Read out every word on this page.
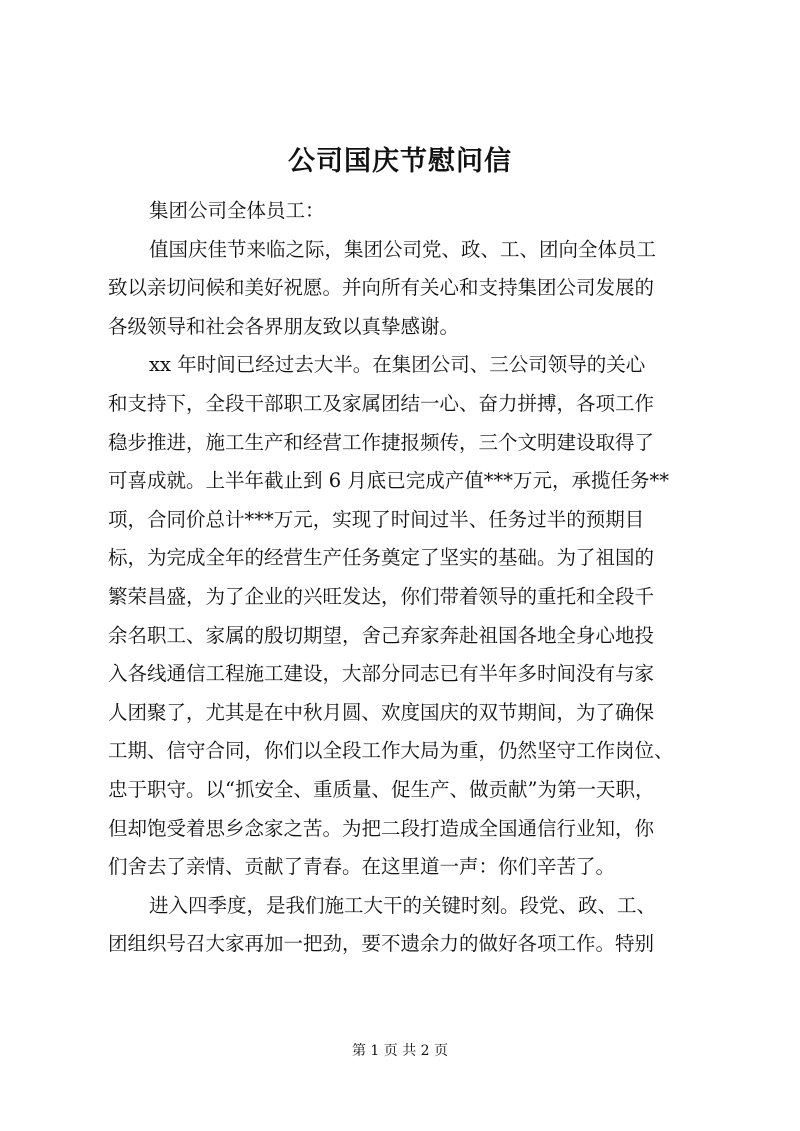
公司国庆节慰问信
集团公司全体员工：
值国庆佳节来临之际，集团公司党、政、工、团向全体员工
致以亲切问候和美好祝愿。并向所有关心和支持集团公司发展的
各级领导和社会各界朋友致以真挚感谢。
xx 年时间已经过去大半。在集团公司、三公司领导的关心
和支持下，全段干部职工及家属团结一心、奋力拼搏，各项工作
稳步推进，施工生产和经营工作捷报频传，三个文明建设取得了
可喜成就。上半年截止到 6 月底已完成产值***万元，承揽任务**
项，合同价总计***万元，实现了时间过半、任务过半的预期目
标，为完成全年的经营生产任务奠定了坚实的基础。为了祖国的
繁荣昌盛，为了企业的兴旺发达，你们带着领导的重托和全段千
余名职工、家属的殷切期望，舍己弃家奔赴祖国各地全身心地投
入各线通信工程施工建设，大部分同志已有半年多时间没有与家
人团聚了，尤其是在中秋月圆、欢度国庆的双节期间，为了确保
工期、信守合同，你们以全段工作大局为重，仍然坚守工作岗位、
忠于职守。以“抓安全、重质量、促生产、做贡献”为第一天职，
但却饱受着思乡念家之苦。为把二段打造成全国通信行业知，你
们舍去了亲情、贡献了青春。在这里道一声：你们辛苦了。
进入四季度，是我们施工大干的关键时刻。段党、政、工、
团组织号召大家再加一把劲，要不遗余力的做好各项工作。特别
第 1 页 共 2 页
